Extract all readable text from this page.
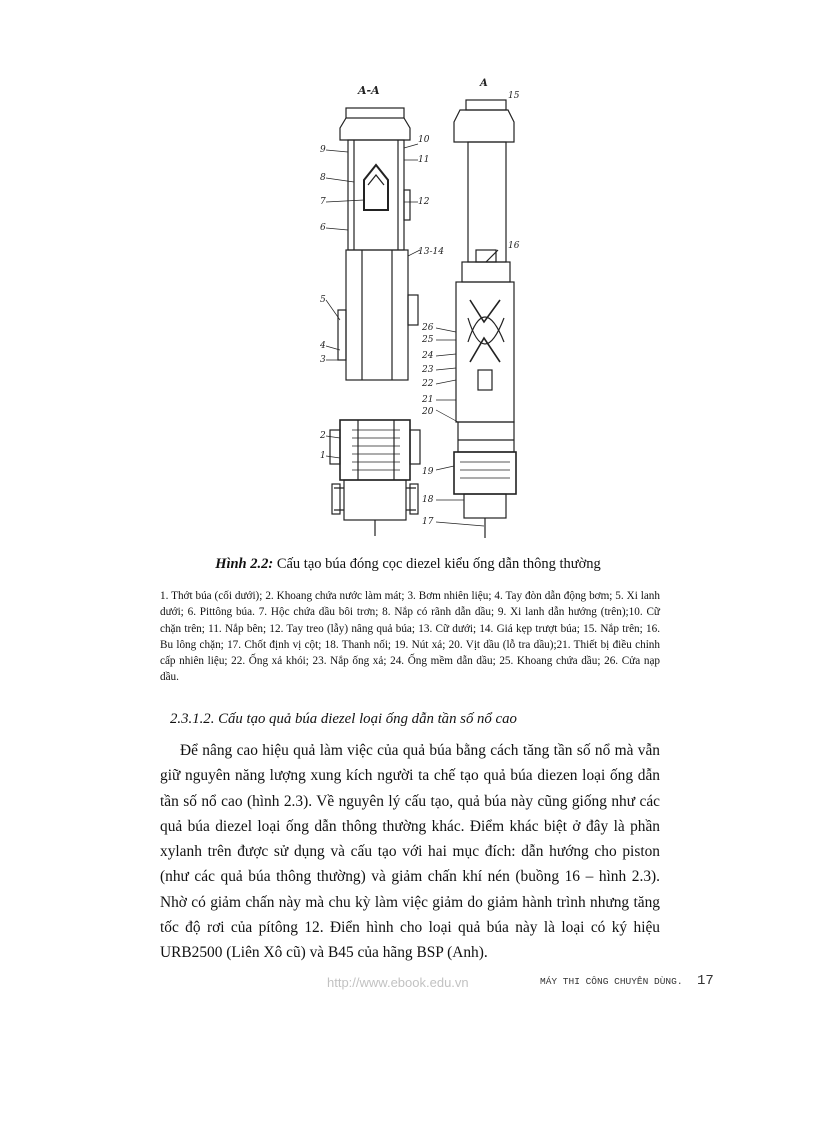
A-A
A
9
8
7
6
5
4
3
2
1
10
11
12
13-14
26
25
24
23
22
21
20
19
18
17
15
16
Hình 2.2: Cấu tạo búa đóng cọc diezel kiểu ống dẫn thông thường
1. Thớt búa (cối dưới); 2. Khoang chứa nước làm mát; 3. Bơm nhiên liệu; 4. Tay đòn dẫn động bơm; 5. Xi lanh dưới; 6. Pittông búa. 7. Hộc chứa dầu bôi trơn; 8. Nắp có rãnh dẫn dầu; 9. Xi lanh dẫn hướng (trên);10. Cữ chặn trên; 11. Nắp bên; 12. Tay treo (lẫy) nâng quả búa; 13. Cữ dưới; 14. Giá kẹp trượt búa; 15. Nắp trên; 16. Bu lông chặn; 17. Chốt định vị cột; 18. Thanh nối; 19. Nút xả; 20. Vịt dầu (lỗ tra dầu);21. Thiết bị điều chỉnh cấp nhiên liệu; 22. Ống xả khói; 23. Nắp ống xả; 24. Ống mềm dẫn dầu; 25. Khoang chứa dầu; 26. Cửa nạp dầu.
2.3.1.2. Cấu tạo quả búa diezel loại ống dẫn tần số nổ cao
Để nâng cao hiệu quả làm việc của quả búa bằng cách tăng tần số nổ mà vẫn giữ nguyên năng lượng xung kích người ta chế tạo quả búa diezen loại ống dẫn tần số nổ cao (hình 2.3). Về nguyên lý cấu tạo, quả búa này cũng giống như các quả búa diezel loại ống dẫn thông thường khác. Điểm khác biệt ở đây là phần xylanh trên được sử dụng và cấu tạo với hai mục đích: dẫn hướng cho piston (như các quả búa thông thường) và giảm chấn khí nén (buồng 16 – hình 2.3). Nhờ có giảm chấn này mà chu kỳ làm việc giảm do giảm hành trình nhưng tăng tốc độ rơi của pítông 12. Điển hình cho loại quả búa này là loại có ký hiệu URB2500 (Liên Xô cũ) và B45 của hãng BSP (Anh).
http://www.ebook.edu.vn	MÁY THI CÔNG CHUYÊN DÙNG. 17
